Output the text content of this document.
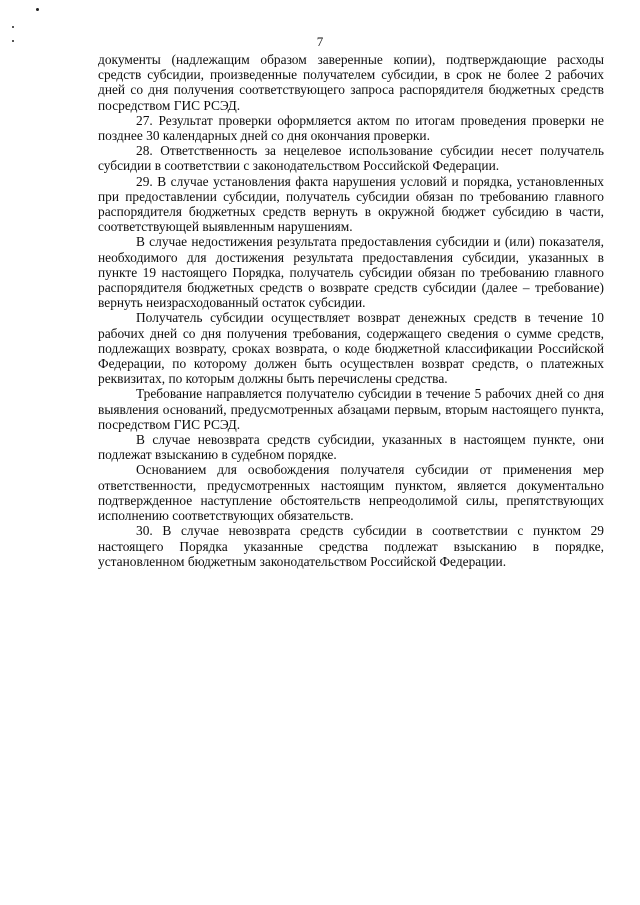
7

документы (надлежащим образом заверенные копии), подтверждающие расходы средств субсидии, произведенные получателем субсидии, в срок не более 2 рабочих дней со дня получения соответствующего запроса распорядителя бюджетных средств посредством ГИС РСЭД.

27. Результат проверки оформляется актом по итогам проведения проверки не позднее 30 календарных дней со дня окончания проверки.

28. Ответственность за нецелевое использование субсидии несет получатель субсидии в соответствии с законодательством Российской Федерации.

29. В случае установления факта нарушения условий и порядка, установленных при предоставлении субсидии, получатель субсидии обязан по требованию главного распорядителя бюджетных средств вернуть в окружной бюджет субсидию в части, соответствующей выявленным нарушениям.

В случае недостижения результата предоставления субсидии и (или) показателя, необходимого для достижения результата предоставления субсидии, указанных в пункте 19 настоящего Порядка, получатель субсидии обязан по требованию главного распорядителя бюджетных средств о возврате средств субсидии (далее – требование) вернуть неизрасходованный остаток субсидии.

Получатель субсидии осуществляет возврат денежных средств в течение 10 рабочих дней со дня получения требования, содержащего сведения о сумме средств, подлежащих возврату, сроках возврата, о коде бюджетной классификации Российской Федерации, по которому должен быть осуществлен возврат средств, о платежных реквизитах, по которым должны быть перечислены средства.

Требование направляется получателю субсидии в течение 5 рабочих дней со дня выявления оснований, предусмотренных абзацами первым, вторым настоящего пункта, посредством ГИС РСЭД.

В случае невозврата средств субсидии, указанных в настоящем пункте, они подлежат взысканию в судебном порядке.

Основанием для освобождения получателя субсидии от применения мер ответственности, предусмотренных настоящим пунктом, является документально подтвержденное наступление обстоятельств непреодолимой силы, препятствующих исполнению соответствующих обязательств.

30. В случае невозврата средств субсидии в соответствии с пунктом 29 настоящего Порядка указанные средства подлежат взысканию в порядке, установленном бюджетным законодательством Российской Федерации.
